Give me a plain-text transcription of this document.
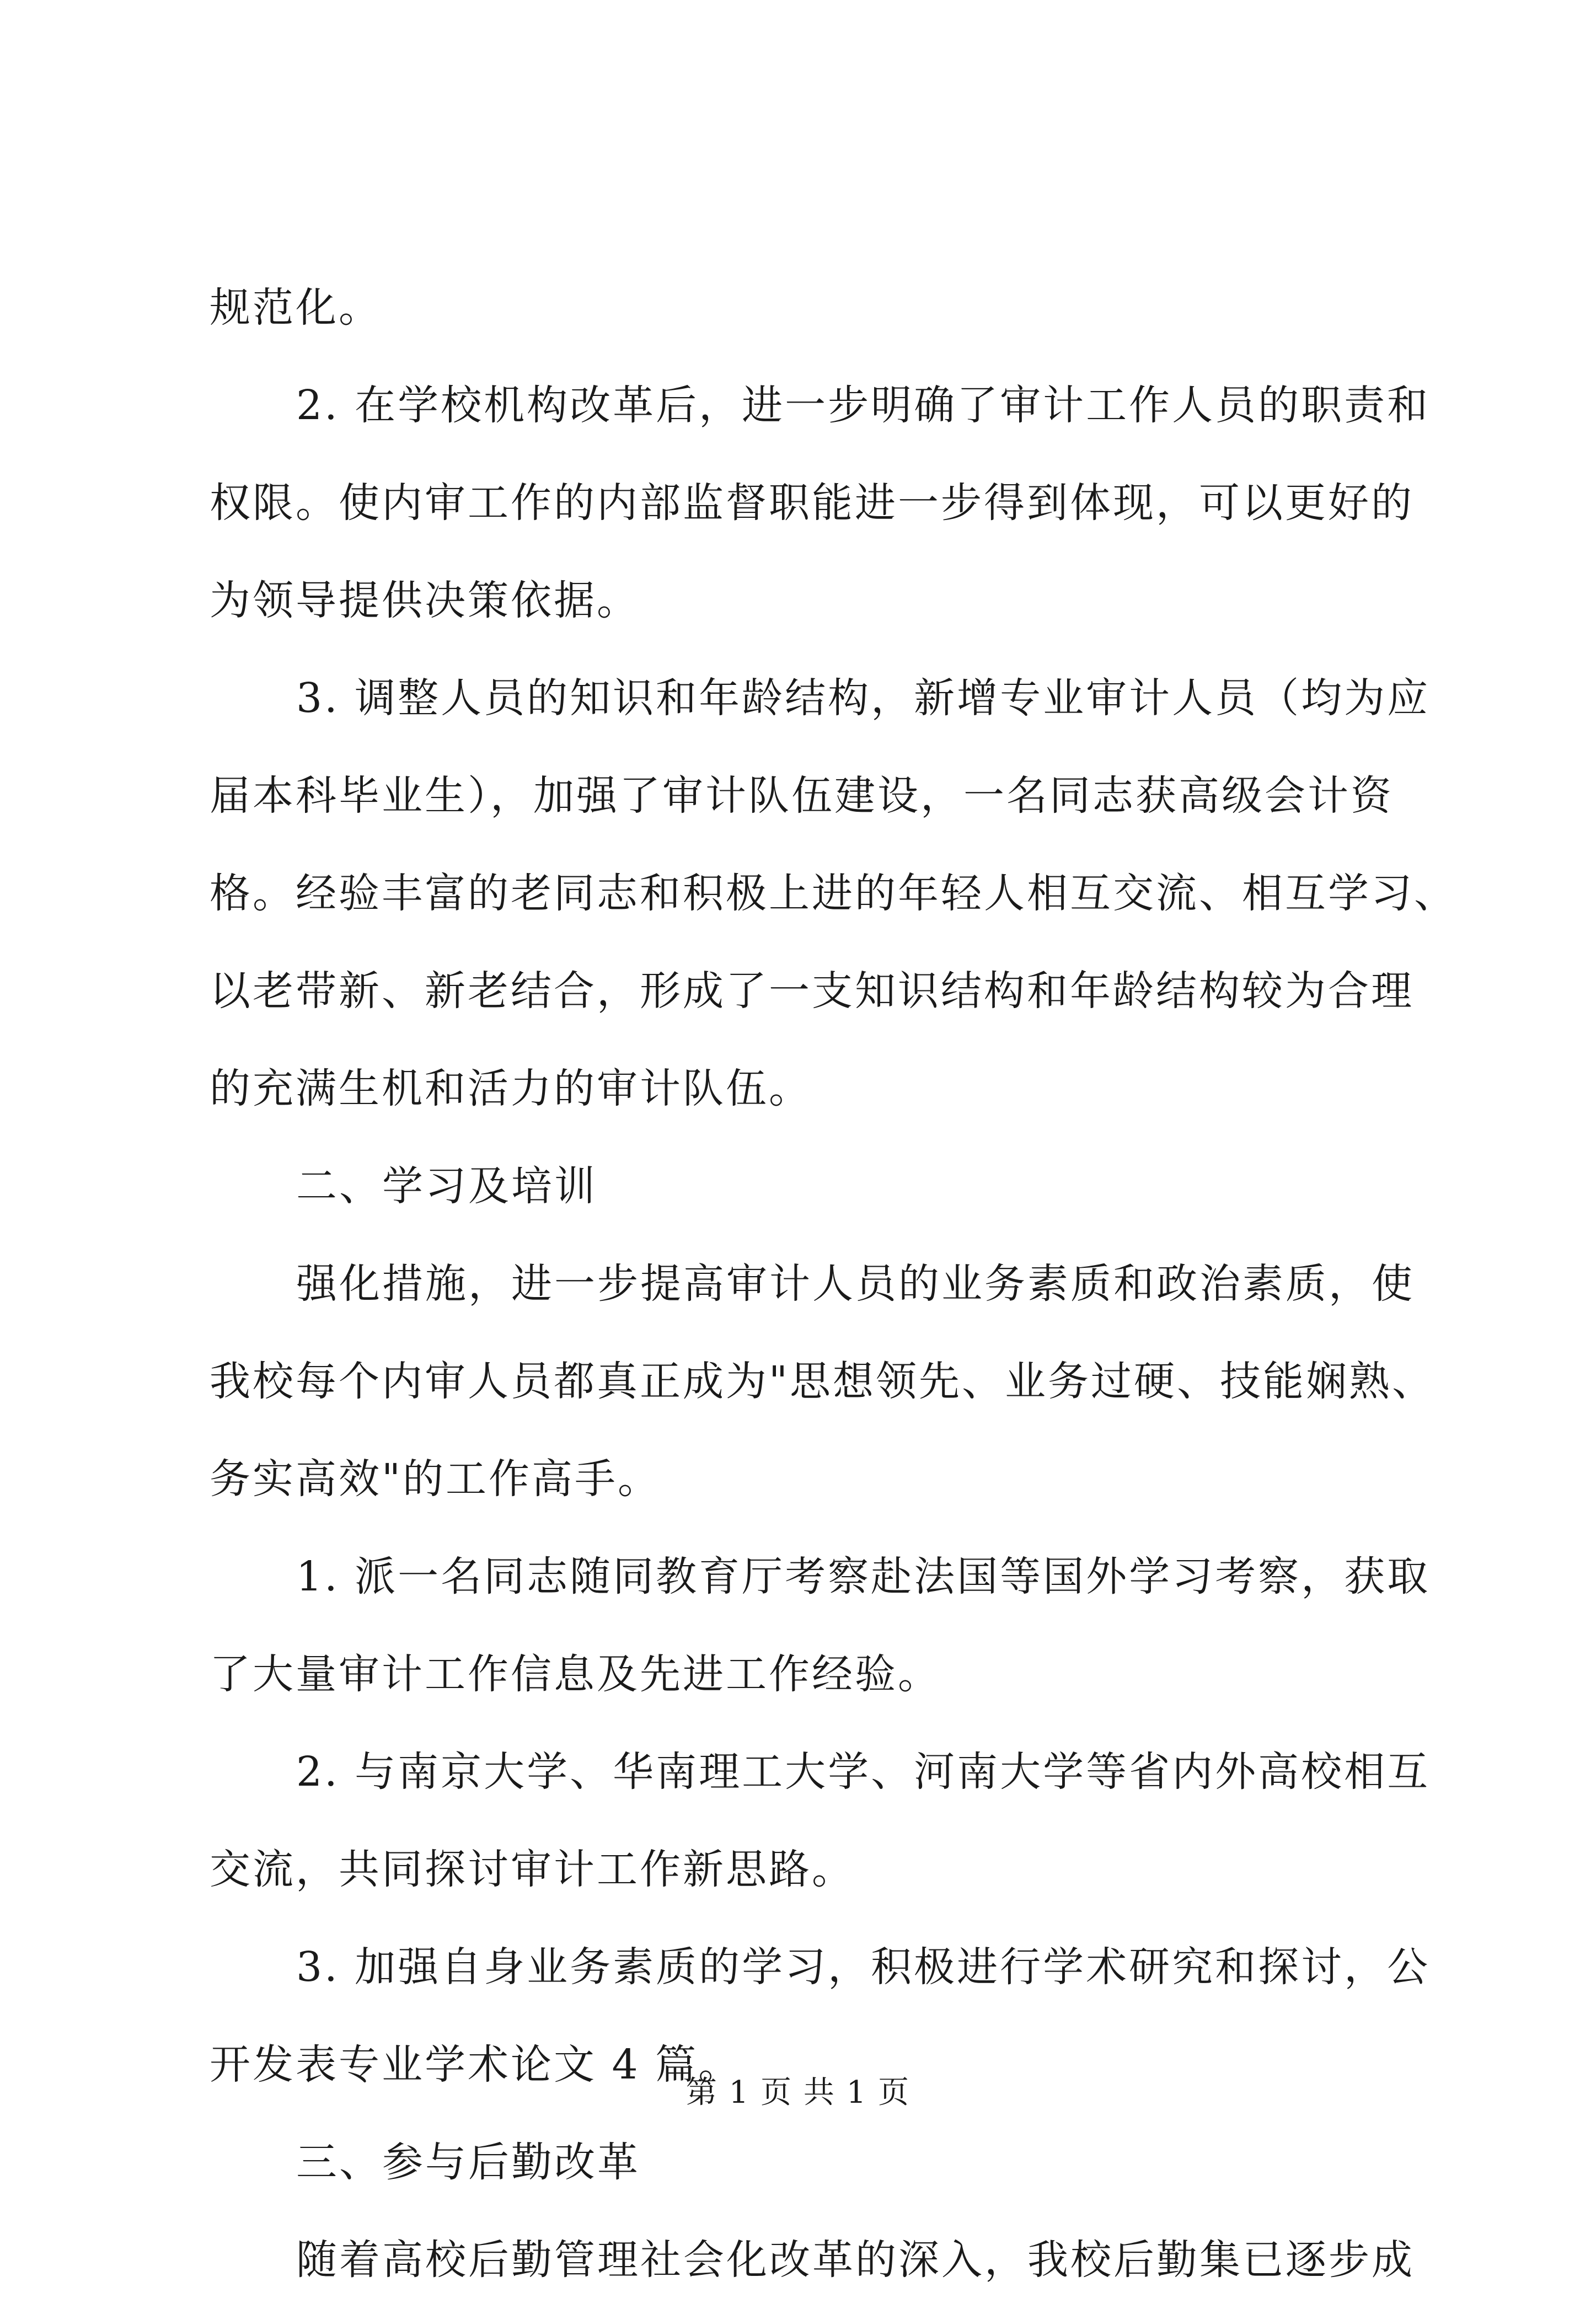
规范化。
2. 在学校机构改革后，进一步明确了审计工作人员的职责和
权限。使内审工作的内部监督职能进一步得到体现，可以更好的
为领导提供决策依据。
3. 调整人员的知识和年龄结构，新增专业审计人员（均为应
届本科毕业生），加强了审计队伍建设，一名同志获高级会计资
格。经验丰富的老同志和积极上进的年轻人相互交流、相互学习、
以老带新、新老结合，形成了一支知识结构和年龄结构较为合理
的充满生机和活力的审计队伍。
二、学习及培训
强化措施，进一步提高审计人员的业务素质和政治素质，使
我校每个内审人员都真正成为"思想领先、业务过硬、技能娴熟、
务实高效"的工作高手。
1. 派一名同志随同教育厅考察赴法国等国外学习考察，获取
了大量审计工作信息及先进工作经验。
2. 与南京大学、华南理工大学、河南大学等省内外高校相互
交流，共同探讨审计工作新思路。
3. 加强自身业务素质的学习，积极进行学术研究和探讨，公
开发表专业学术论文 4 篇。
三、参与后勤改革
随着高校后勤管理社会化改革的深入，我校后勤集已逐步成
第 1 页 共 1 页
